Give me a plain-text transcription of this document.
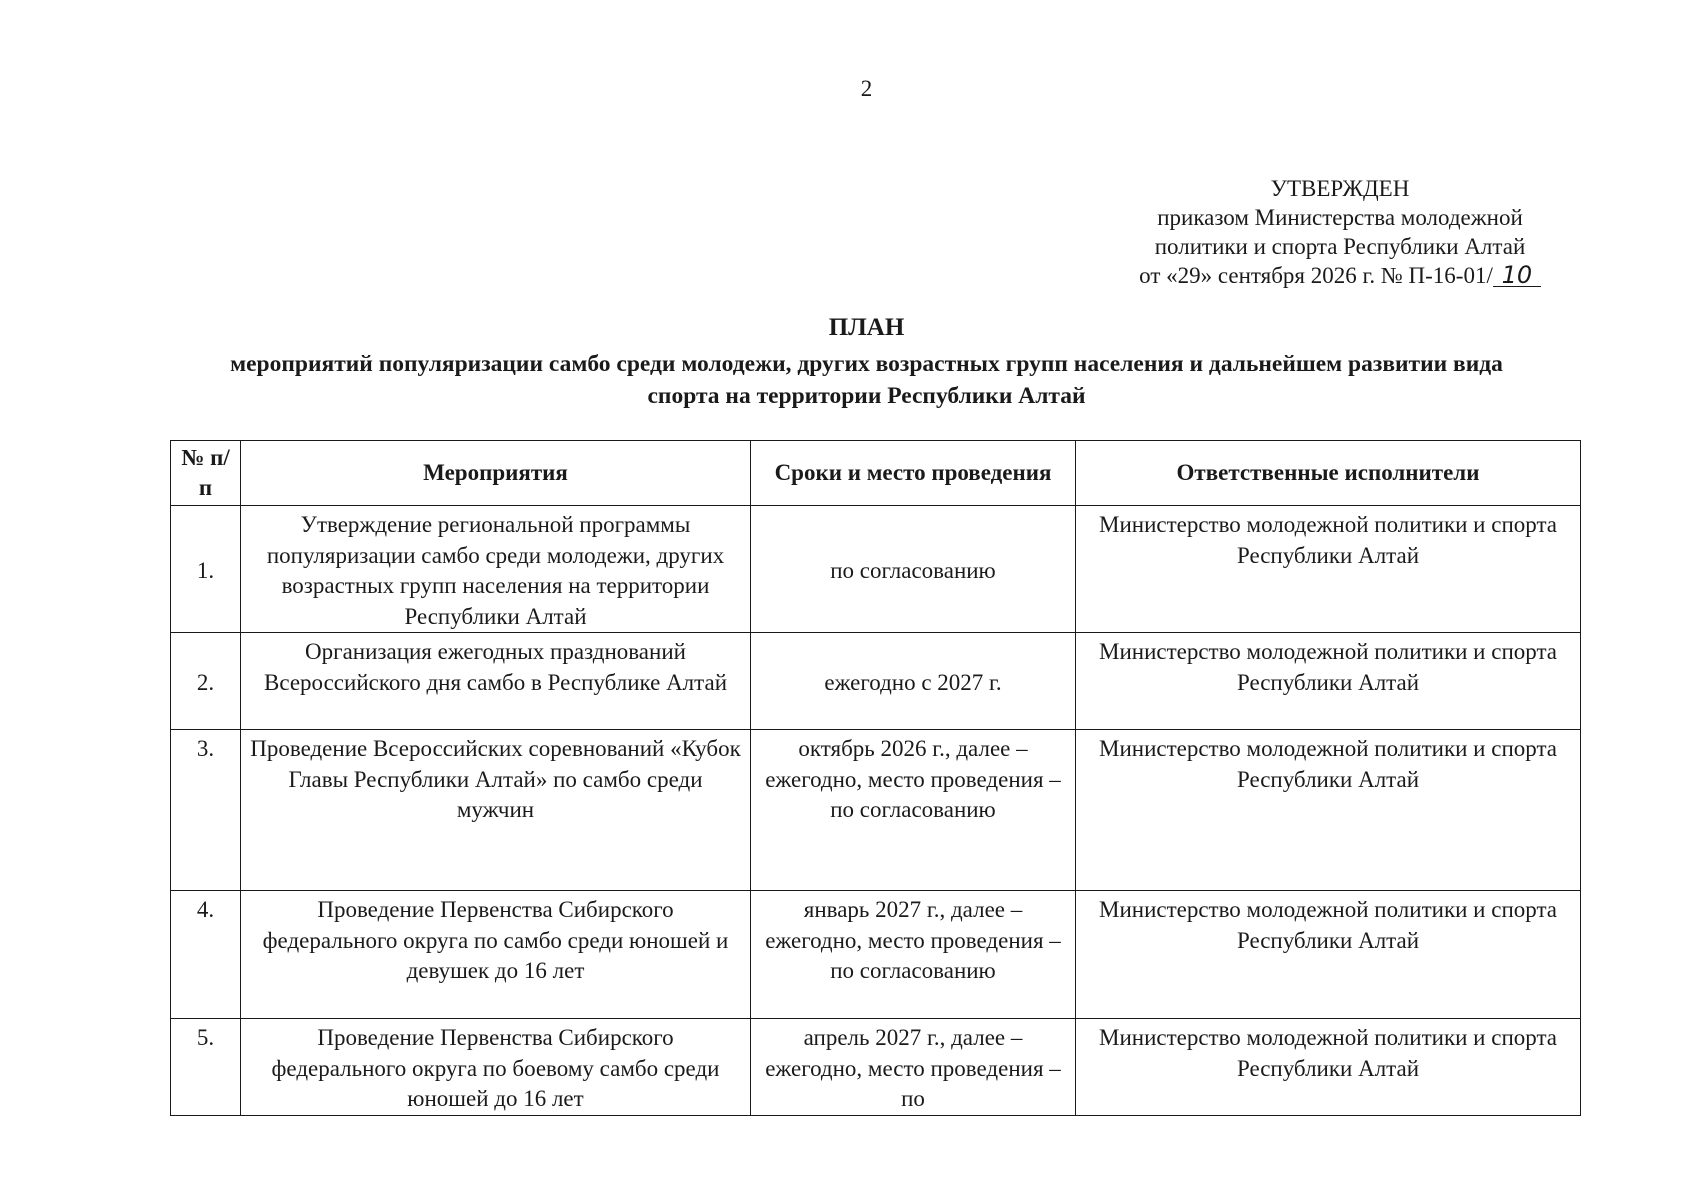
2
УТВЕРЖДЕН
приказом Министерства молодежной
политики и спорта Республики Алтай
от «29» сентября 2026 г. № П-16-01/ 10
ПЛАН
мероприятий популяризации самбо среди молодежи, других возрастных групп населения и дальнейшем развитии вида
спорта на территории Республики Алтай
№ п/п	Мероприятия	Сроки и место проведения	Ответственные исполнители
1.	Утверждение региональной программы популяризации самбо среди молодежи, других возрастных групп населения на территории Республики Алтай	по согласованию	Министерство молодежной политики и спорта Республики Алтай
2.	Организация ежегодных празднований Всероссийского дня самбо в Республике Алтай	ежегодно с 2027 г.	Министерство молодежной политики и спорта Республики Алтай
3.	Проведение Всероссийских соревнований «Кубок Главы Республики Алтай» по самбо среди мужчин	октябрь 2026 г., далее – ежегодно, место проведения –по согласованию	Министерство молодежной политики и спорта Республики Алтай
4.	Проведение Первенства Сибирского федерального округа по самбо среди юношей и девушек до 16 лет	январь 2027 г., далее – ежегодно, место проведения – по согласованию	Министерство молодежной политики и спорта Республики Алтай
5.	Проведение Первенства Сибирского федерального округа по боевому самбо среди юношей до 16 лет	апрель 2027 г., далее – ежегодно, место проведения – по	Министерство молодежной политики и спорта Республики Алтай
